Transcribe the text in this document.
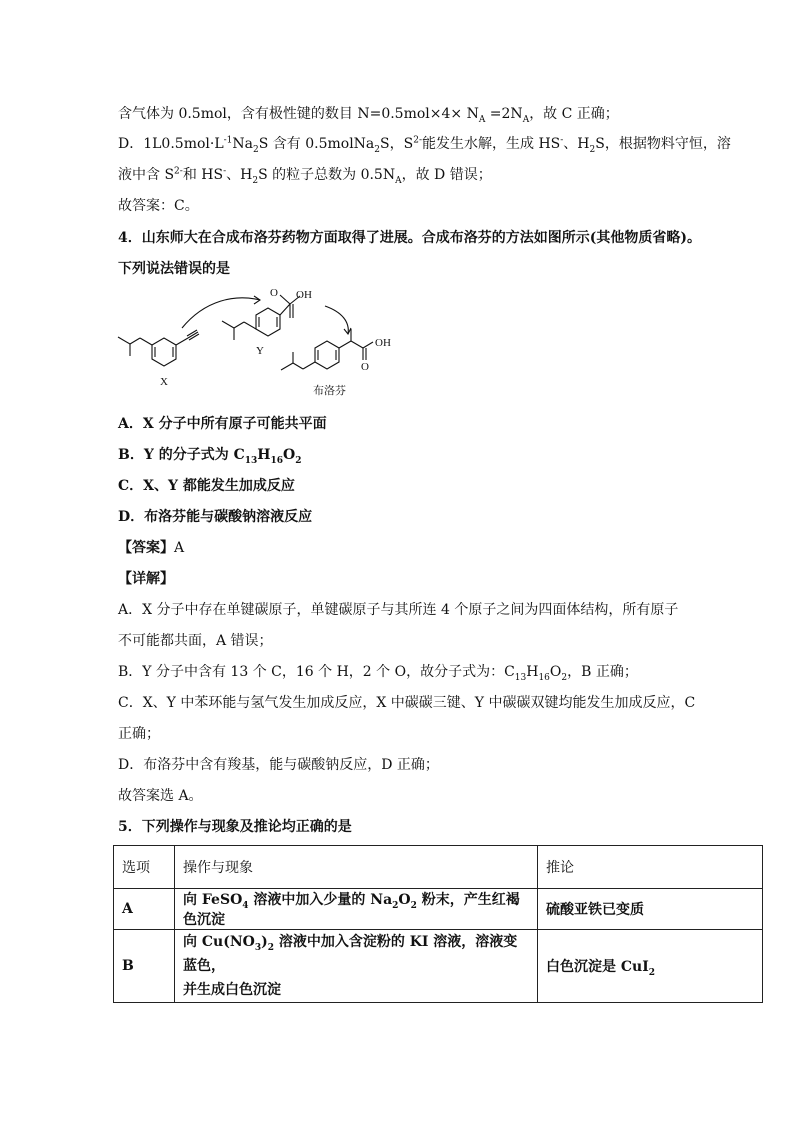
含气体为 0.5mol，含有极性键的数目 $N=0.5mol\times 4\times N_A =2N_A$，故 C 正确；
D．$1L0.5mol\cdot L^{-1}Na_2S$ 含有 0.5molNa$_2$S，$S^{2-}$能发生水解，生成 HS-、$H_2S$，根据物料守恒，溶
液中含 $S^{2-}$和 HS-、$H_2S$ 的粒子总数为 $0.5N_A$，故 D 错误；
故答案：C。
4．山东师大在合成布洛芬药物方面取得了进展。合成布洛芬的方法如图所示(其他物质省略)。
下列说法错误的是
X
Y
O OH
OH
O
布洛芬
A．X 分子中所有原子可能共平面
B．Y 的分子式为 $C_{13}H_{16}O_2$
C．X、Y 都能发生加成反应
D．布洛芬能与碳酸钠溶液反应
【答案】A
【详解】
A．X 分子中存在单键碳原子，单键碳原子与其所连 4 个原子之间为四面体结构，所有原子
不可能都共面，A 错误；
B．Y 分子中含有 13 个 C，16 个 H，2 个 O，故分子式为：$C_{13}H_{16}O_2$，B 正确；
C．X、Y 中苯环能与氢气发生加成反应，X 中碳碳三键、Y 中碳碳双键均能发生加成反应，C
正确；
D．布洛芬中含有羧基，能与碳酸钠反应，D 正确；
故答案选 A。
5．下列操作与现象及推论均正确的是
选项	操作与现象	推论
A	向 FeSO$_4$ 溶液中加入少量的 $Na_2O_2$ 粉末，产生红褐色沉淀	硫酸亚铁已变质
B	向 $Cu(NO_3)_2$ 溶液中加入含淀粉的 KI 溶液，溶液变蓝色，
并生成白色沉淀	白色沉淀是 CuI$_2$
